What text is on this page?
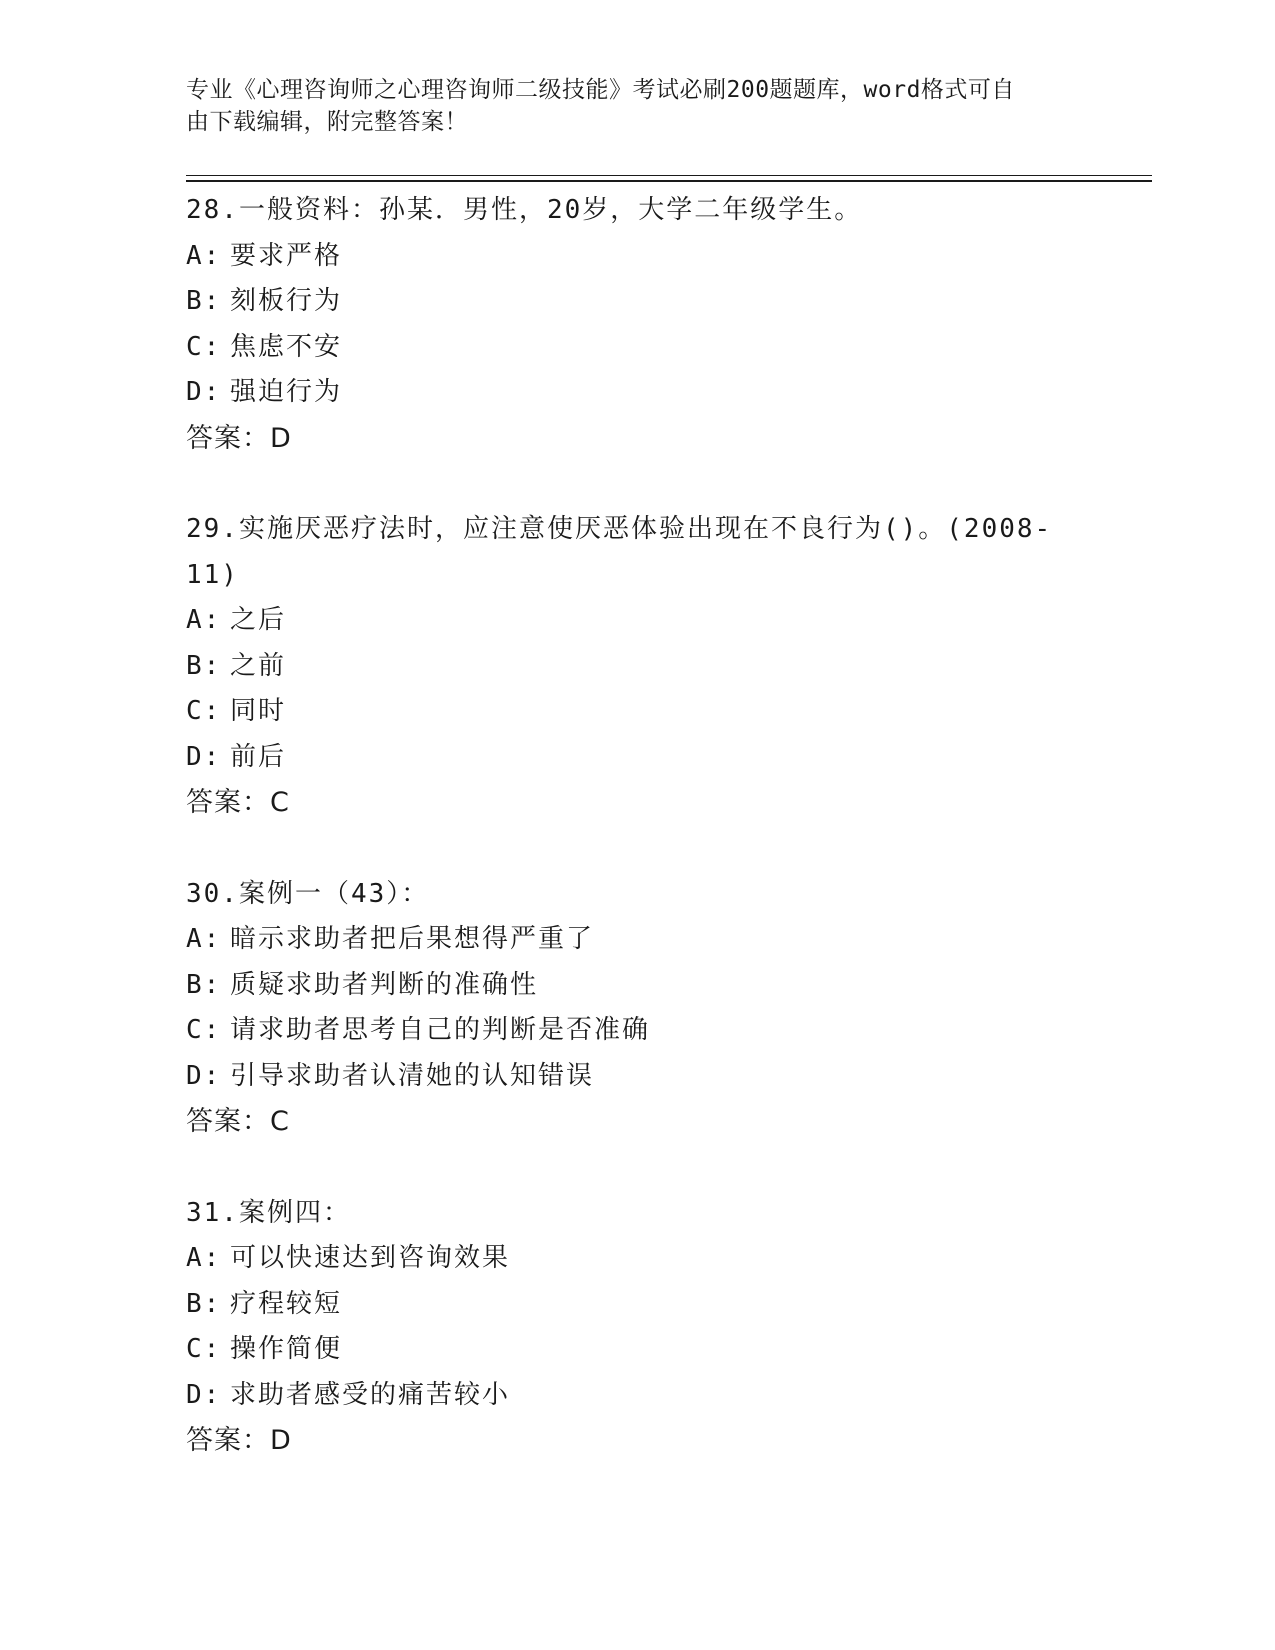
专业《心理咨询师之心理咨询师二级技能》考试必刷200题题库，word格式可自
由下载编辑，附完整答案！
28.一般资料：孙某．男性，20岁，大学二年级学生。
A: 要求严格
B: 刻板行为
C: 焦虑不安
D: 强迫行为
答案：D
29.实施厌恶疗法时，应注意使厌恶体验出现在不良行为()。(2008-
11)
A: 之后
B: 之前
C: 同时
D: 前后
答案：C
30.案例一（43）：
A: 暗示求助者把后果想得严重了
B: 质疑求助者判断的准确性
C: 请求助者思考自己的判断是否准确
D: 引导求助者认清她的认知错误
答案：C
31.案例四：
A: 可以快速达到咨询效果
B: 疗程较短
C: 操作简便
D: 求助者感受的痛苦较小
答案：D
